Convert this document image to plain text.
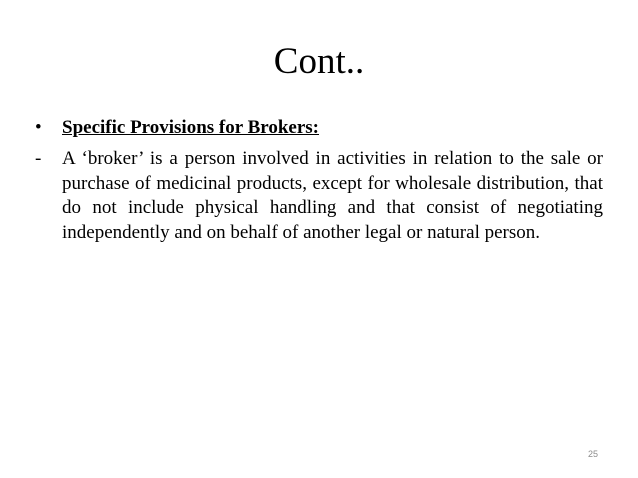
Cont..
• Specific Provisions for Brokers:
- A ‘broker’ is a person involved in activities in relation to the sale or purchase of medicinal products, except for wholesale distribution, that do not include physical handling and that consist of negotiating independently and on behalf of another legal or natural person.

25
